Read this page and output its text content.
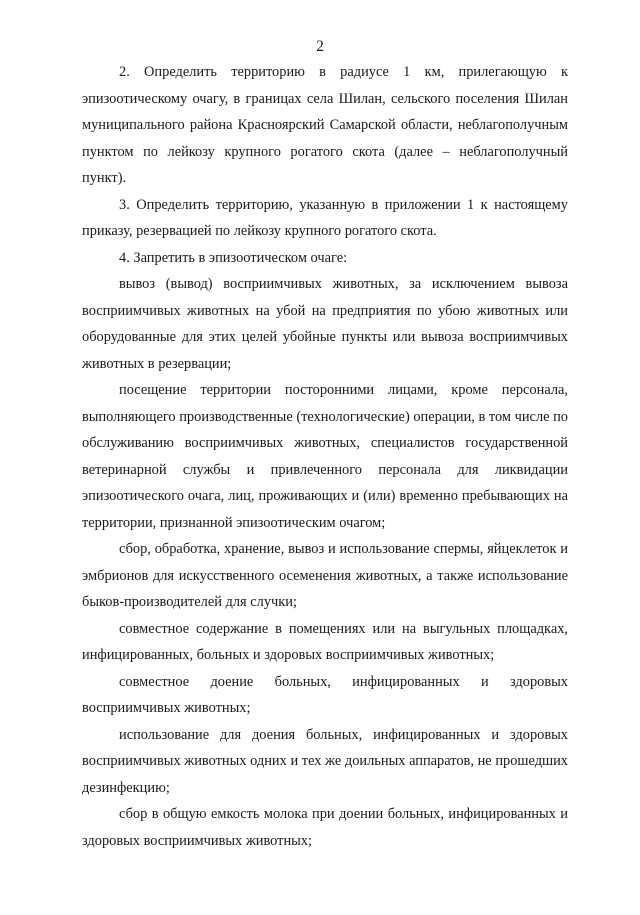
2

2. Определить территорию в радиусе 1 км, прилегающую к эпизоотическому очагу, в границах села Шилан, сельского поселения Шилан муниципального района Красноярский Самарской области, неблагополучным пунктом по лейкозу крупного рогатого скота (далее – неблагополучный пункт).

3. Определить территорию, указанную в приложении 1 к настоящему приказу, резервацией по лейкозу крупного рогатого скота.

4. Запретить в эпизоотическом очаге:

вывоз (вывод) восприимчивых животных, за исключением вывоза восприимчивых животных на убой на предприятия по убою животных или оборудованные для этих целей убойные пункты или вывоза восприимчивых животных в резервации;

посещение территории посторонними лицами, кроме персонала, выполняющего производственные (технологические) операции, в том числе по обслуживанию восприимчивых животных, специалистов государственной ветеринарной службы и привлеченного персонала для ликвидации эпизоотического очага, лиц, проживающих и (или) временно пребывающих на территории, признанной эпизоотическим очагом;

сбор, обработка, хранение, вывоз и использование спермы, яйцеклеток и эмбрионов для искусственного осеменения животных, а также использование быков-производителей для случки;

совместное содержание в помещениях или на выгульных площадках, инфицированных, больных и здоровых восприимчивых животных;

совместное доение больных, инфицированных и здоровых восприимчивых животных;

использование для доения больных, инфицированных и здоровых восприимчивых животных одних и тех же доильных аппаратов, не прошедших дезинфекцию;

сбор в общую емкость молока при доении больных, инфицированных и здоровых восприимчивых животных;
